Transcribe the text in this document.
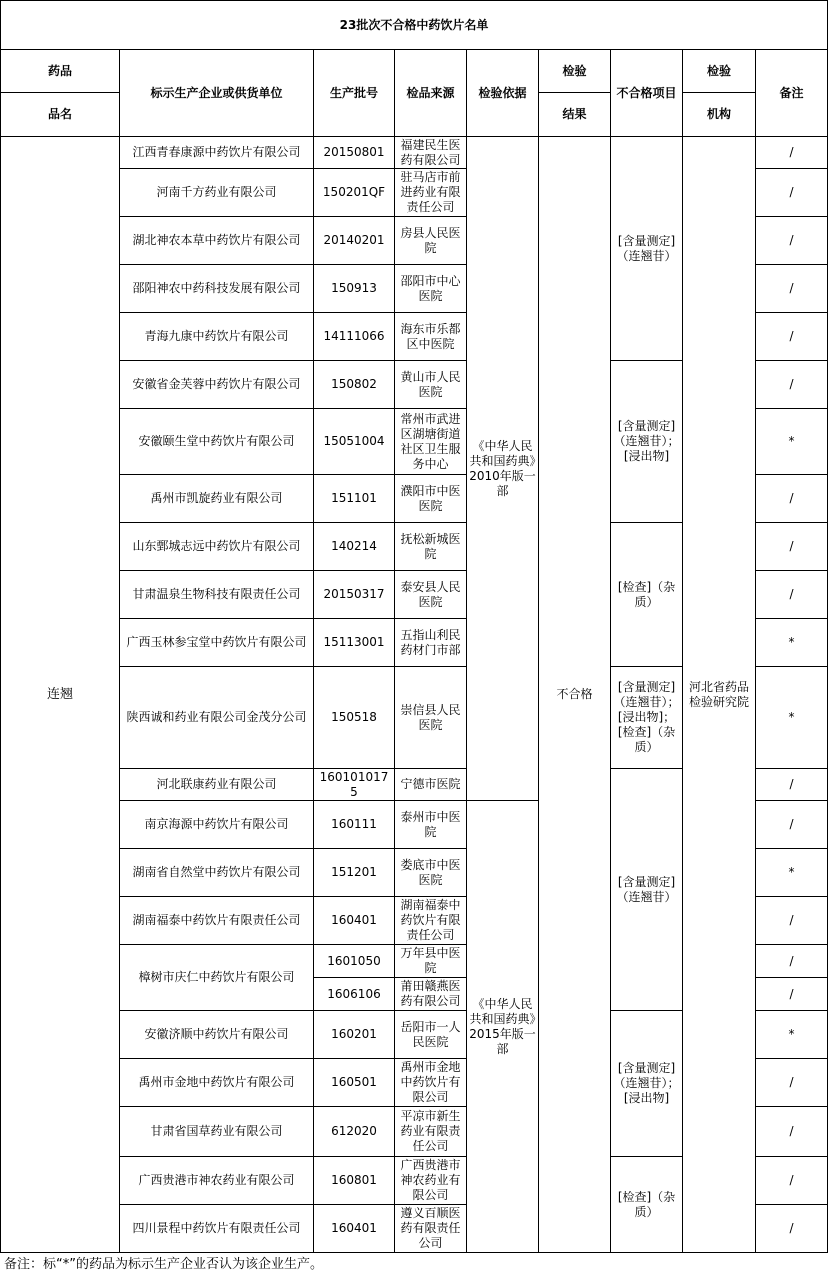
23批次不合格中药饮片名单								
药品	标示生产企业或供货单位	生产批号	检品来源	检验依据	检验	不合格项目	检验	备注
品名					结果		机构	
连翘	江西青春康源中药饮片有限公司	20150801	福建民生医药有限公司	《中华人民共和国药典》2010年版一部	不合格	[含量测定]（连翘苷）	河北省药品检验研究院	/
	河南千方药业有限公司	150201QF	驻马店市前进药业有限责任公司					/
	湖北神农本草中药饮片有限公司	20140201	房县人民医院					/
	邵阳神农中药科技发展有限公司	150913	邵阳市中心医院					/
	青海九康中药饮片有限公司	14111066	海东市乐都区中医院					/
	安徽省金芙蓉中药饮片有限公司	150802	黄山市人民医院			[含量测定]（连翘苷）；[浸出物]		/
	安徽颐生堂中药饮片有限公司	15051004	常州市武进区湖塘街道社区卫生服务中心					*
	禹州市凯旋药业有限公司	151101	濮阳市中医医院					/
	山东鄄城志远中药饮片有限公司	140214	抚松新城医院			[检查]（杂质）		/
	甘肃温泉生物科技有限责任公司	20150317	泰安县人民医院					/
	广西玉林参宝堂中药饮片有限公司	15113001	五指山利民药材门市部					*
	陕西诚和药业有限公司金茂分公司	150518	崇信县人民医院			[含量测定]（连翘苷）；[浸出物]；[检查]（杂质）		*
	河北联康药业有限公司	1601010175	宁德市医院			[含量测定]（连翘苷）		/
	南京海源中药饮片有限公司	160111	泰州市中医院	《中华人民共和国药典》2015年版一部				/
	湖南省自然堂中药饮片有限公司	151201	娄底市中医医院					*
	湖南福泰中药饮片有限责任公司	160401	湖南福泰中药饮片有限责任公司					/
	樟树市庆仁中药饮片有限公司	1601050	万年县中医院					/
		1606106	莆田赣燕医药有限公司					/
	安徽济顺中药饮片有限公司	160201	岳阳市一人民医院			[含量测定]（连翘苷）；[浸出物]		*
	禹州市金地中药饮片有限公司	160501	禹州市金地中药饮片有限公司					/
	甘肃省国草药业有限公司	612020	平凉市新生药业有限责任公司					/
	广西贵港市神农药业有限公司	160801	广西贵港市神农药业有限公司			[检查]（杂质）		/
	四川景程中药饮片有限责任公司	160401	遵义百顺医药有限责任公司					/
备注：标“*”的药品为标示生产企业否认为该企业生产。
